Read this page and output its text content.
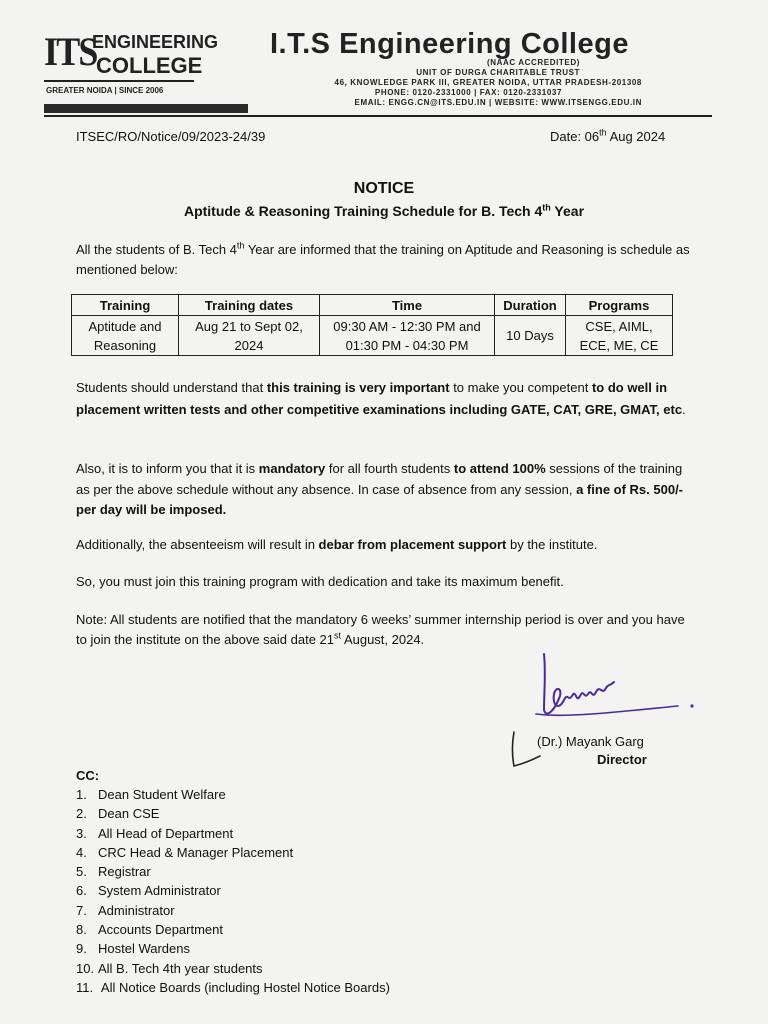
ITS
ENGINEERING
COLLEGE
GREATER NOIDA | SINCE 2006
I.T.S Engineering College
(NAAC ACCREDITED)
UNIT OF DURGA CHARITABLE TRUST
46, KNOWLEDGE PARK III, GREATER NOIDA, UTTAR PRADESH-201308
PHONE: 0120-2331000 | FAX: 0120-2331037
EMAIL: ENGG.CN@ITS.EDU.IN | WEBSITE: WWW.ITSENGG.EDU.IN
ITSEC/RO/Notice/09/2023-24/39	Date: 06th Aug 2024
NOTICE
Aptitude & Reasoning Training Schedule for B. Tech 4th Year
All the students of B. Tech 4th Year are informed that the training on Aptitude and Reasoning is schedule as mentioned below:
Training	Training dates	Time	Duration	Programs
Aptitude and Reasoning	Aug 21 to Sept 02, 2024	09:30 AM - 12:30 PM and
01:30 PM - 04:30 PM	10 Days	CSE, AIML, ECE, ME, CE
Students should understand that this training is very important to make you competent to do well in placement written tests and other competitive examinations including GATE, CAT, GRE, GMAT, etc.
Also, it is to inform you that it is mandatory for all fourth students to attend 100% sessions of the training as per the above schedule without any absence. In case of absence from any session, a fine of Rs. 500/- per day will be imposed.
Additionally, the absenteeism will result in debar from placement support by the institute.
So, you must join this training program with dedication and take its maximum benefit.
Note: All students are notified that the mandatory 6 weeks’ summer internship period is over and you have to join the institute on the above said date 21st August, 2024.
(Dr.) Mayank Garg
Director
CC:
1. Dean Student Welfare
2. Dean CSE
3. All Head of Department
4. CRC Head & Manager Placement
5. Registrar
6. System Administrator
7. Administrator
8. Accounts Department
9. Hostel Wardens
10. All B. Tech 4th year students
11. All Notice Boards (including Hostel Notice Boards)
